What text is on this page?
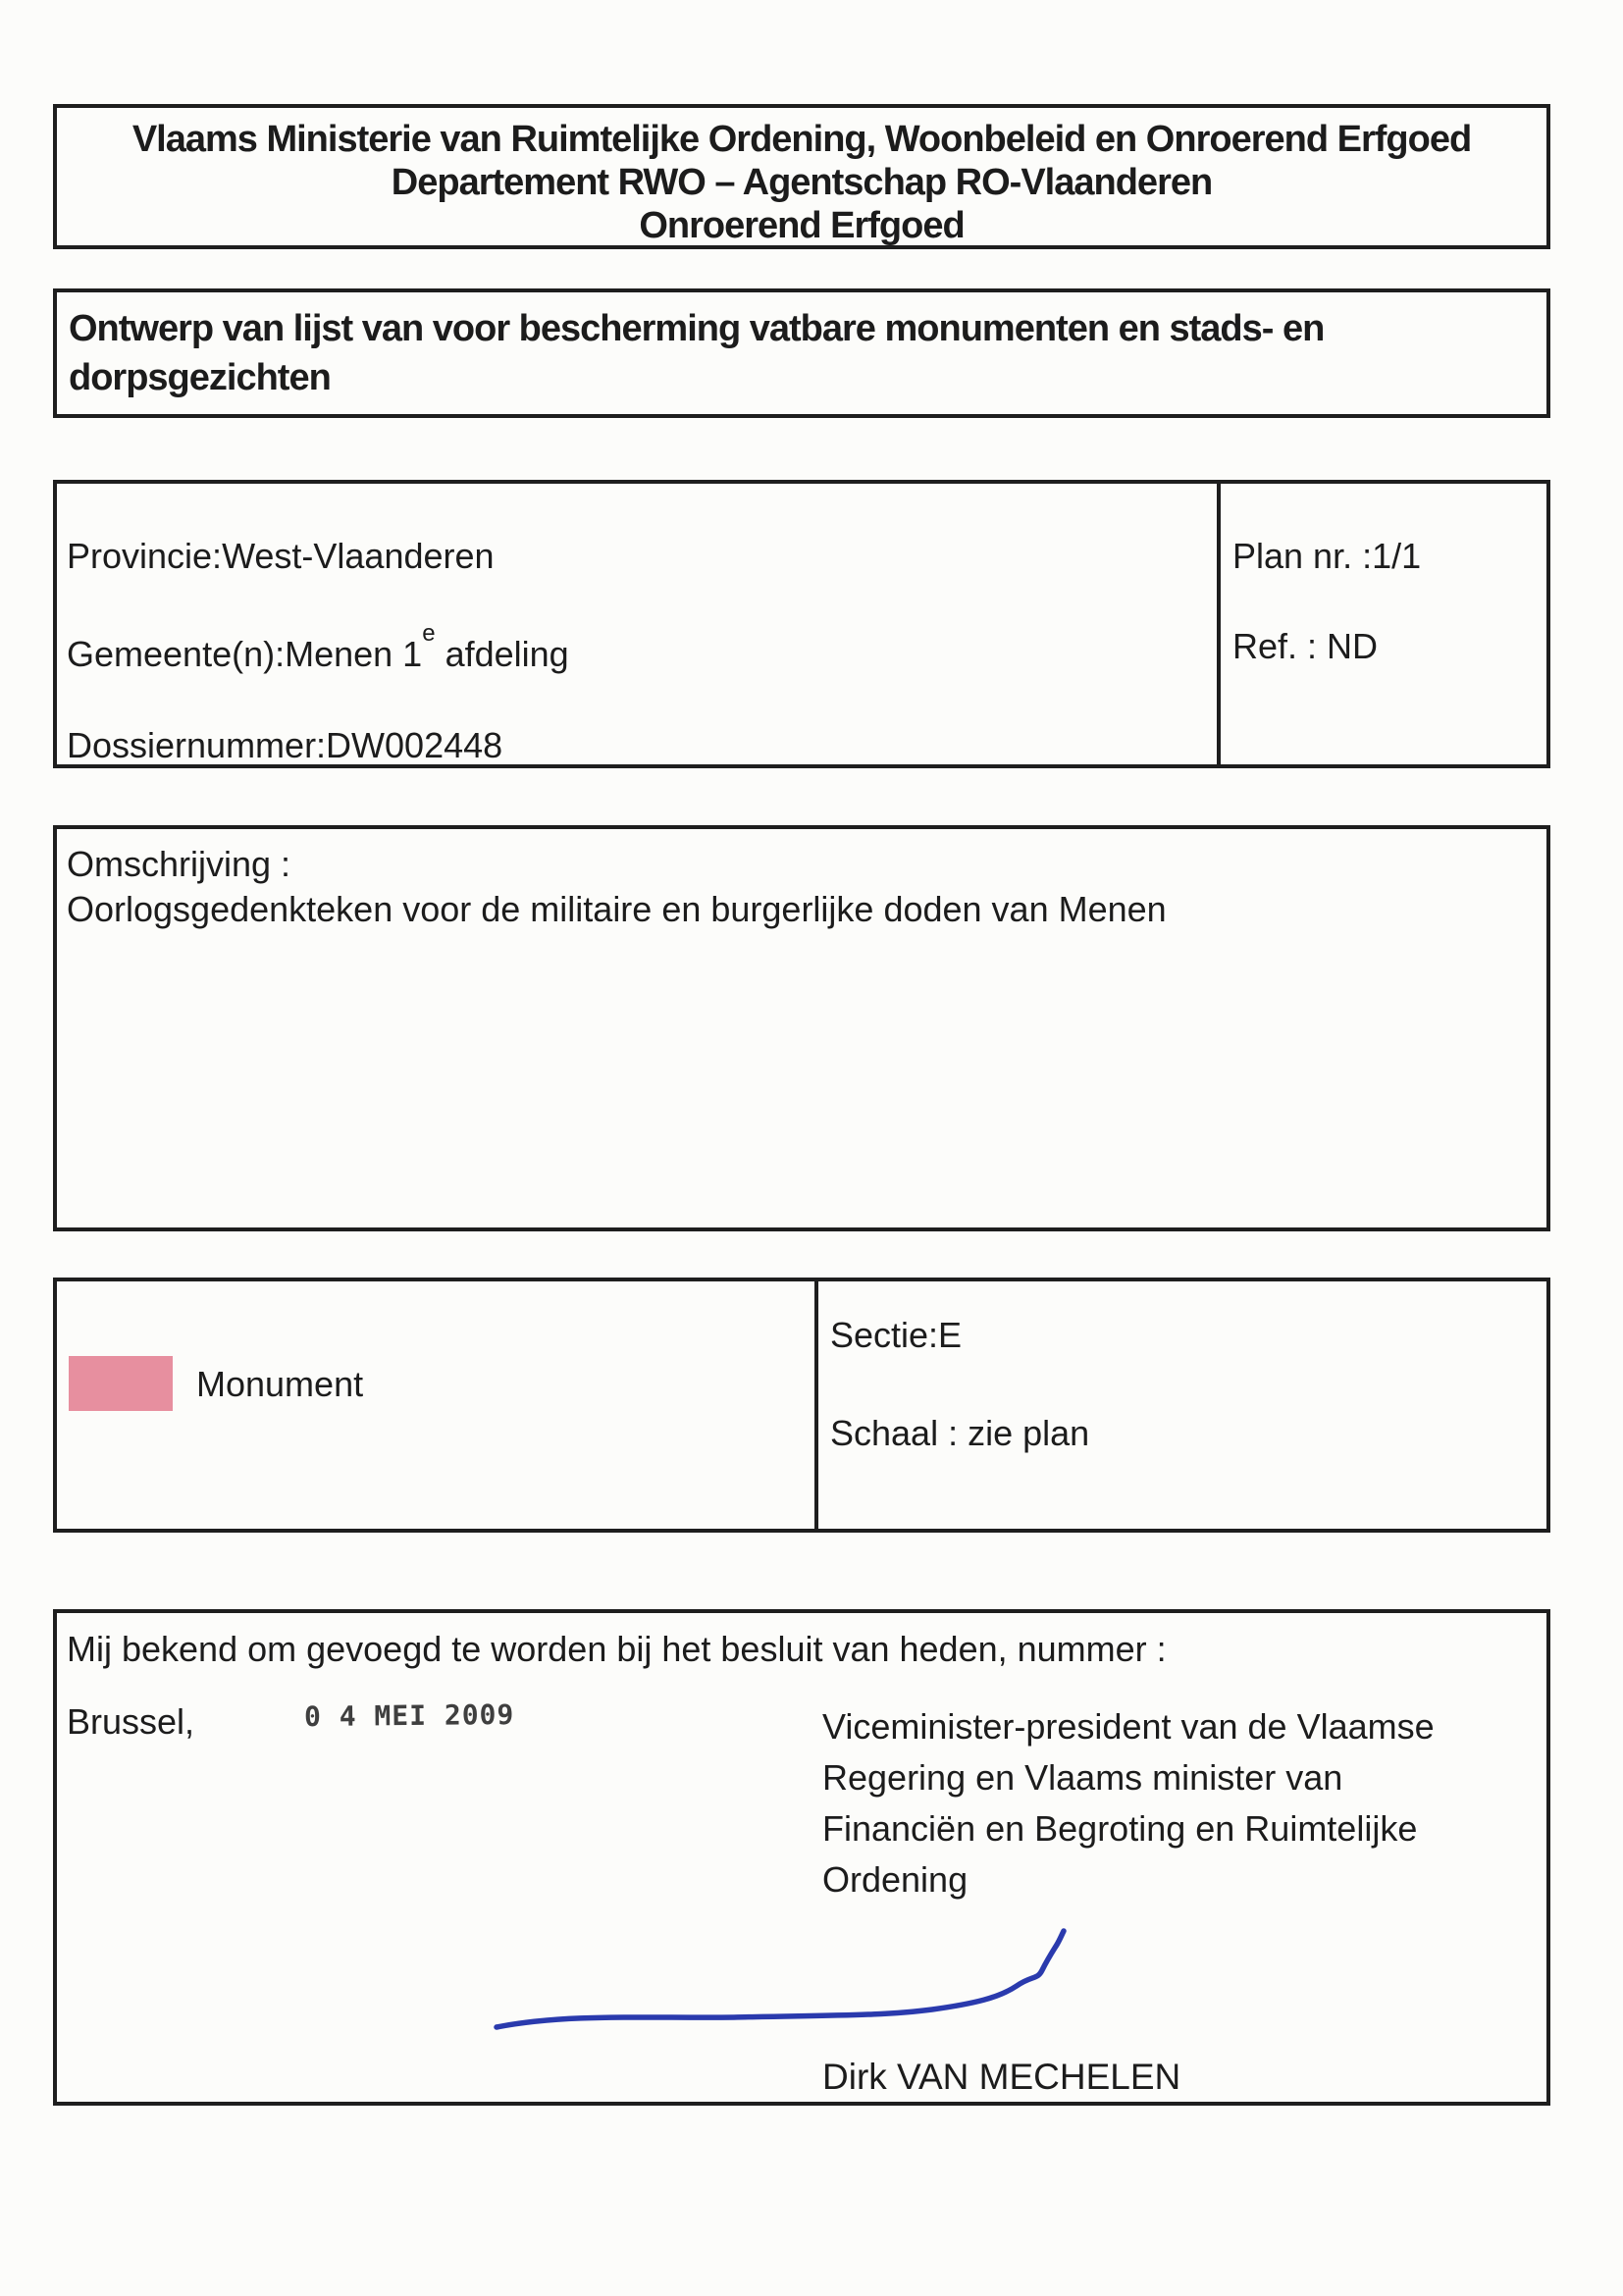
Vlaams Ministerie van Ruimtelijke Ordening, Woonbeleid en Onroerend Erfgoed
Departement RWO – Agentschap RO-Vlaanderen
Onroerend Erfgoed
Ontwerp van lijst van voor bescherming vatbare monumenten en stads- en
dorpsgezichten
Provincie:West-Vlaanderen
Gemeente(n):Menen 1e afdeling
Dossiernummer:DW002448
Plan nr. :1/1
Ref. : ND
Omschrijving :
Oorlogsgedenkteken voor de militaire en burgerlijke doden van Menen
Monument
Sectie:E
Schaal : zie plan
Mij bekend om gevoegd te worden bij het besluit van heden, nummer :
Brussel,	0 4 MEI 2009	Viceminister-president van de Vlaamse
Regering en Vlaams minister van
Financiën en Begroting en Ruimtelijke
Ordening
Dirk VAN MECHELEN
